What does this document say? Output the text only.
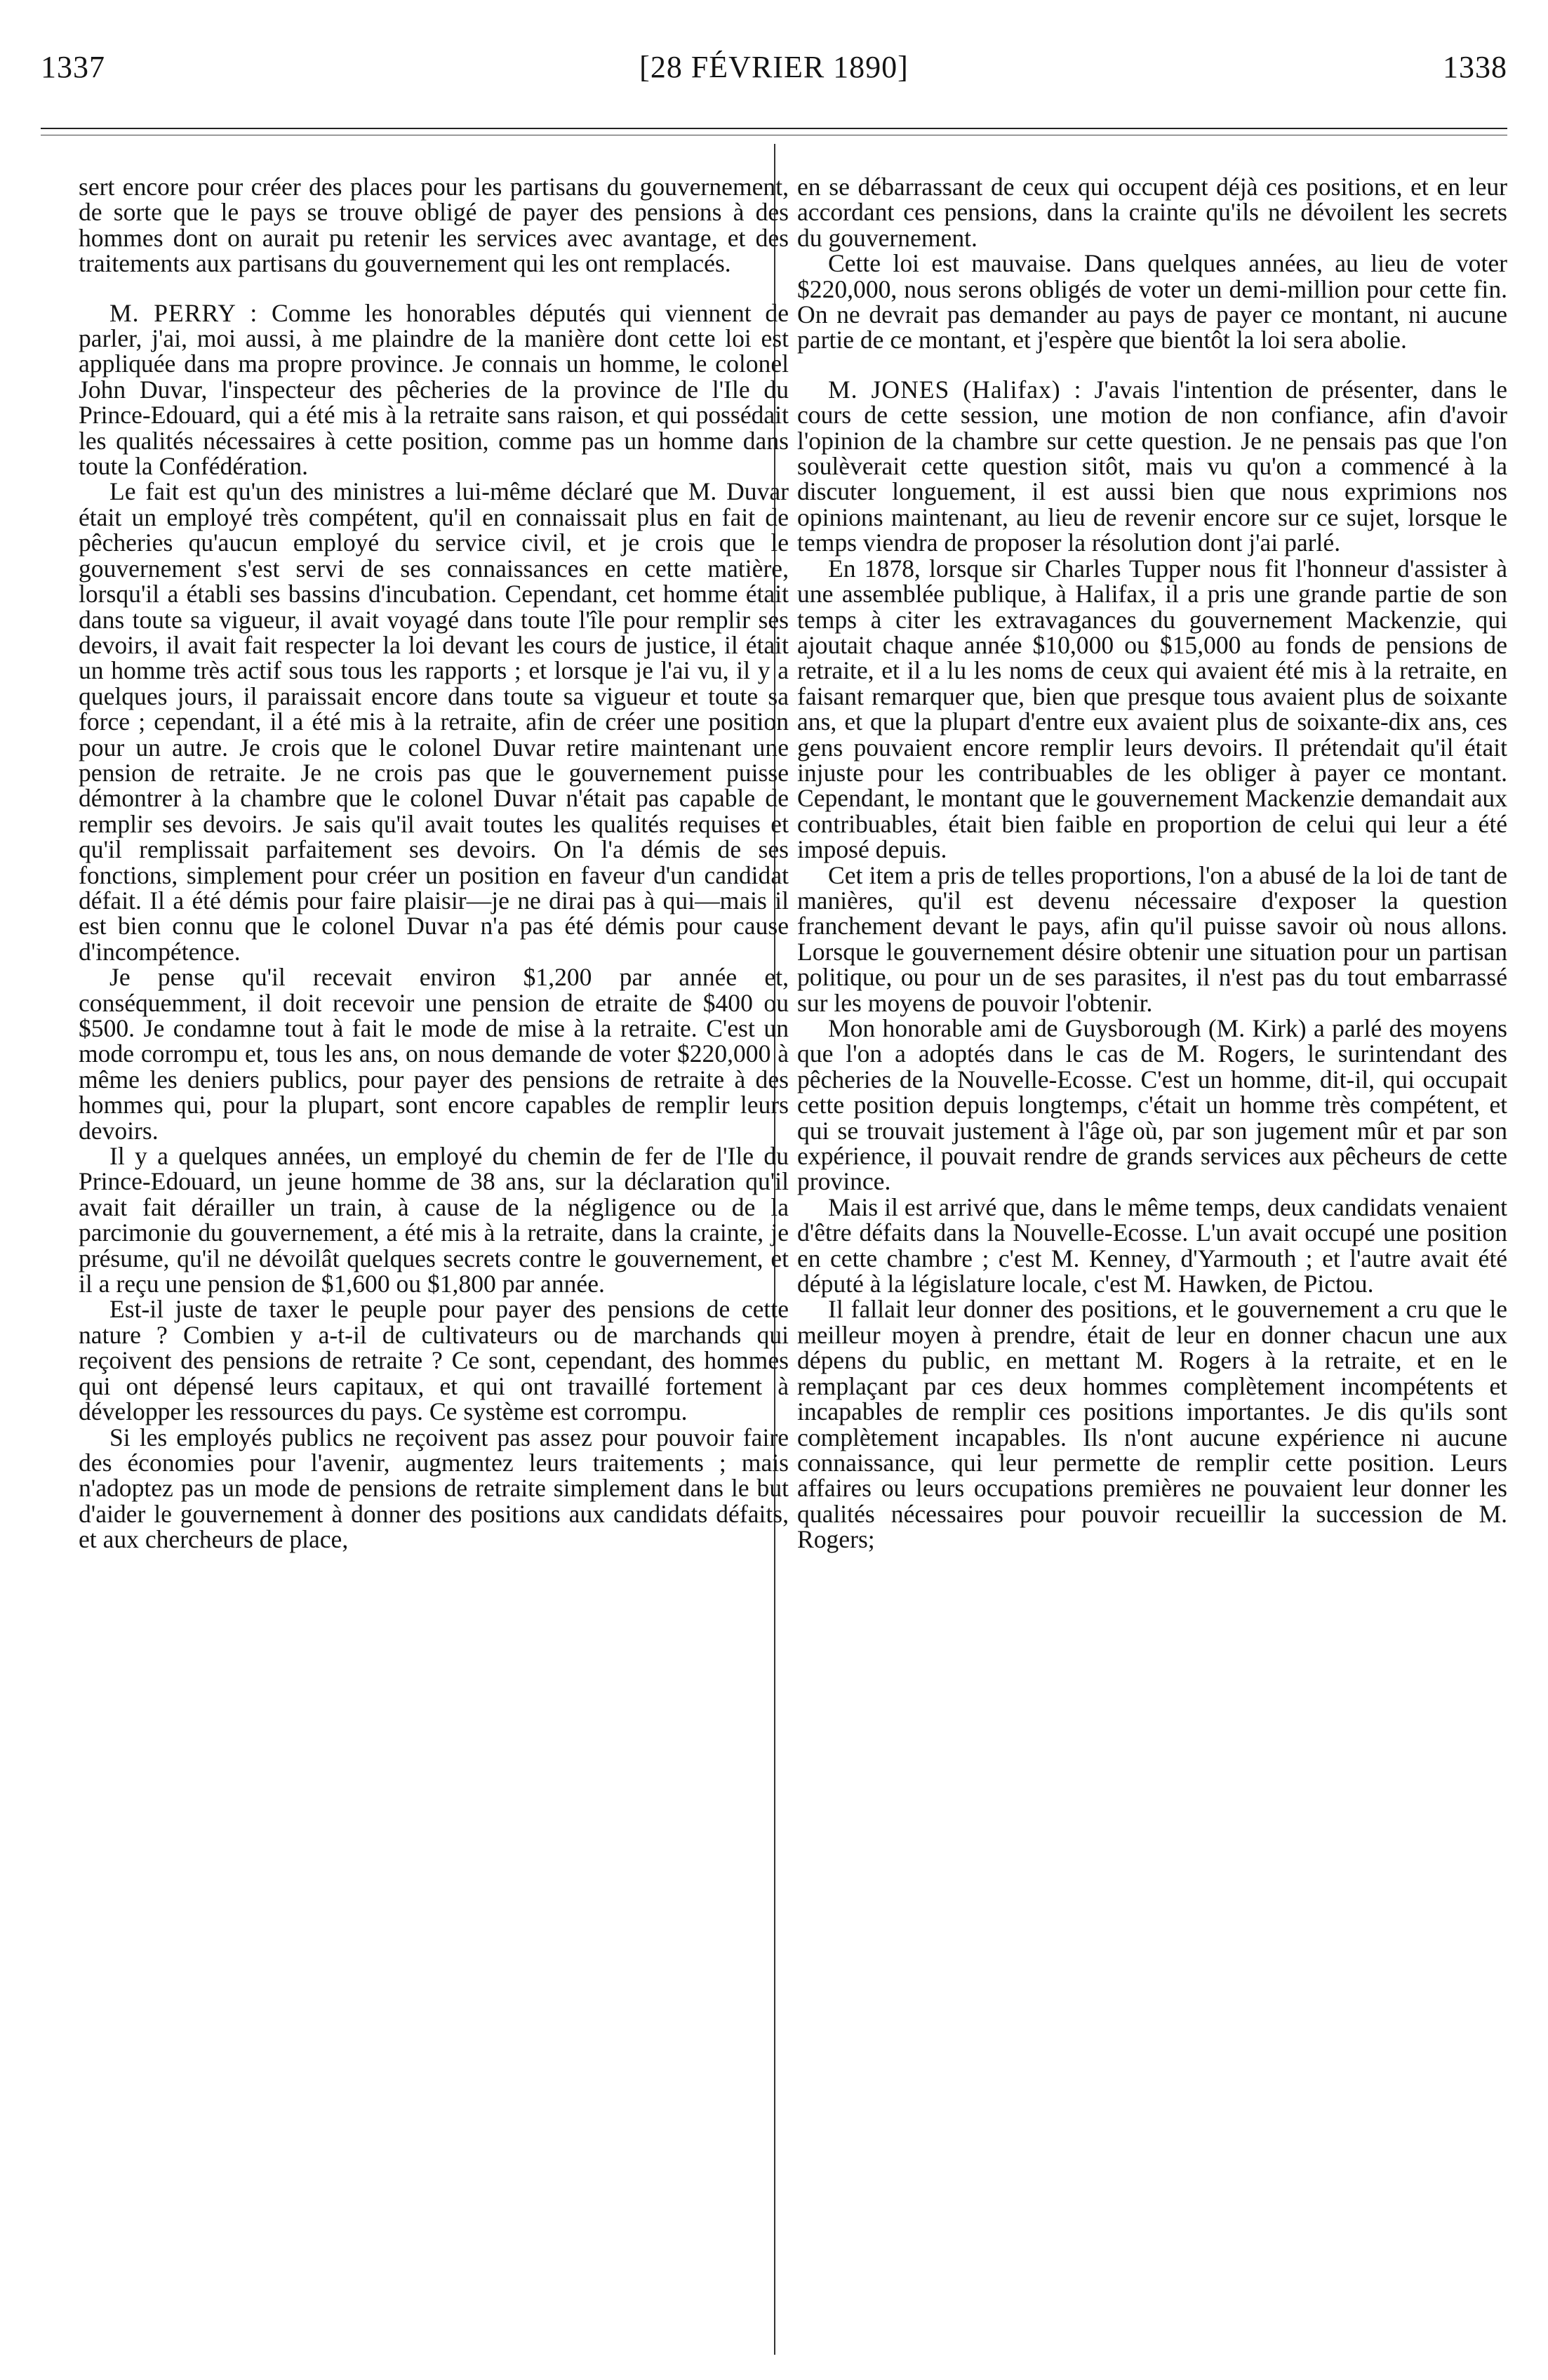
1337	[28 FÉVRIER 1890]	1338

sert encore pour créer des places pour les partisans du gouvernement, de sorte que le pays se trouve obligé de payer des pensions à des hommes dont on aurait pu retenir les services avec avantage, et des traitements aux partisans du gouvernement qui les ont remplacés.

M. PERRY : Comme les honorables députés qui viennent de parler, j'ai, moi aussi, à me plaindre de la manière dont cette loi est appliquée dans ma propre province. Je connais un homme, le colonel John Duvar, l'inspecteur des pêcheries de la province de l'Ile du Prince-Edouard, qui a été mis à la retraite sans raison, et qui possédait les qualités nécessaires à cette position, comme pas un homme dans toute la Confédération.

Le fait est qu'un des ministres a lui-même déclaré que M. Duvar était un employé très compétent, qu'il en connaissait plus en fait de pêcheries qu'aucun employé du service civil, et je crois que le gouvernement s'est servi de ses connaissances en cette matière, lorsqu'il a établi ses bassins d'incubation. Cependant, cet homme était dans toute sa vigueur, il avait voyagé dans toute l'île pour remplir ses devoirs, il avait fait respecter la loi devant les cours de justice, il était un homme très actif sous tous les rapports ; et lorsque je l'ai vu, il y a quelques jours, il paraissait encore dans toute sa vigueur et toute sa force ; cependant, il a été mis à la retraite, afin de créer une position pour un autre. Je crois que le colonel Duvar retire maintenant une pension de retraite. Je ne crois pas que le gouvernement puisse démontrer à la chambre que le colonel Duvar n'était pas capable de remplir ses devoirs. Je sais qu'il avait toutes les qualités requises et qu'il remplissait parfaitement ses devoirs. On l'a démis de ses fonctions, simplement pour créer un position en faveur d'un candidat défait. Il a été démis pour faire plaisir—je ne dirai pas à qui—mais il est bien connu que le colonel Duvar n'a pas été démis pour cause d'incompétence.

Je pense qu'il recevait environ $1,200 par année et, conséquemment, il doit recevoir une pension de etraite de $400 ou $500. Je condamne tout à fait le mode de mise à la retraite. C'est un mode corrompu et, tous les ans, on nous demande de voter $220,000 à même les deniers publics, pour payer des pensions de retraite à des hommes qui, pour la plupart, sont encore capables de remplir leurs devoirs.

Il y a quelques années, un employé du chemin de fer de l'Ile du Prince-Edouard, un jeune homme de 38 ans, sur la déclaration qu'il avait fait dérailler un train, à cause de la négligence ou de la parcimonie du gouvernement, a été mis à la retraite, dans la crainte, je présume, qu'il ne dévoilât quelques secrets contre le gouvernement, et il a reçu une pension de $1,600 ou $1,800 par année.

Est-il juste de taxer le peuple pour payer des pensions de cette nature ? Combien y a-t-il de cultivateurs ou de marchands qui reçoivent des pensions de retraite ? Ce sont, cependant, des hommes qui ont dépensé leurs capitaux, et qui ont travaillé fortement à développer les ressources du pays. Ce système est corrompu.

Si les employés publics ne reçoivent pas assez pour pouvoir faire des économies pour l'avenir, augmentez leurs traitements ; mais n'adoptez pas un mode de pensions de retraite simplement dans le but d'aider le gouvernement à donner des positions aux candidats défaits, et aux chercheurs de place,

en se débarrassant de ceux qui occupent déjà ces positions, et en leur accordant ces pensions, dans la crainte qu'ils ne dévoilent les secrets du gouvernement.

Cette loi est mauvaise. Dans quelques années, au lieu de voter $220,000, nous serons obligés de voter un demi-million pour cette fin. On ne devrait pas demander au pays de payer ce montant, ni aucune partie de ce montant, et j'espère que bientôt la loi sera abolie.

M. JONES (Halifax) : J'avais l'intention de présenter, dans le cours de cette session, une motion de non confiance, afin d'avoir l'opinion de la chambre sur cette question. Je ne pensais pas que l'on soulèverait cette question sitôt, mais vu qu'on a commencé à la discuter longuement, il est aussi bien que nous exprimions nos opinions maintenant, au lieu de revenir encore sur ce sujet, lorsque le temps viendra de proposer la résolution dont j'ai parlé.

En 1878, lorsque sir Charles Tupper nous fit l'honneur d'assister à une assemblée publique, à Halifax, il a pris une grande partie de son temps à citer les extravagances du gouvernement Mackenzie, qui ajoutait chaque année $10,000 ou $15,000 au fonds de pensions de retraite, et il a lu les noms de ceux qui avaient été mis à la retraite, en faisant remarquer que, bien que presque tous avaient plus de soixante ans, et que la plupart d'entre eux avaient plus de soixante-dix ans, ces gens pouvaient encore remplir leurs devoirs. Il prétendait qu'il était injuste pour les contribuables de les obliger à payer ce montant. Cependant, le montant que le gouvernement Mackenzie demandait aux contribuables, était bien faible en proportion de celui qui leur a été imposé depuis.

Cet item a pris de telles proportions, l'on a abusé de la loi de tant de manières, qu'il est devenu nécessaire d'exposer la question franchement devant le pays, afin qu'il puisse savoir où nous allons. Lorsque le gouvernement désire obtenir une situation pour un partisan politique, ou pour un de ses parasites, il n'est pas du tout embarrassé sur les moyens de pouvoir l'obtenir.

Mon honorable ami de Guysborough (M. Kirk) a parlé des moyens que l'on a adoptés dans le cas de M. Rogers, le surintendant des pêcheries de la Nouvelle-Ecosse. C'est un homme, dit-il, qui occupait cette position depuis longtemps, c'était un homme très compétent, et qui se trouvait justement à l'âge où, par son jugement mûr et par son expérience, il pouvait rendre de grands services aux pêcheurs de cette province.

Mais il est arrivé que, dans le même temps, deux candidats venaient d'être défaits dans la Nouvelle-Ecosse. L'un avait occupé une position en cette chambre ; c'est M. Kenney, d'Yarmouth ; et l'autre avait été député à la législature locale, c'est M. Hawken, de Pictou.

Il fallait leur donner des positions, et le gouvernement a cru que le meilleur moyen à prendre, était de leur en donner chacun une aux dépens du public, en mettant M. Rogers à la retraite, et en le remplaçant par ces deux hommes complètement incompétents et incapables de remplir ces positions importantes. Je dis qu'ils sont complètement incapables. Ils n'ont aucune expérience ni aucune connaissance, qui leur permette de remplir cette position. Leurs affaires ou leurs occupations premières ne pouvaient leur donner les qualités nécessaires pour pouvoir recueillir la succession de M. Rogers;
